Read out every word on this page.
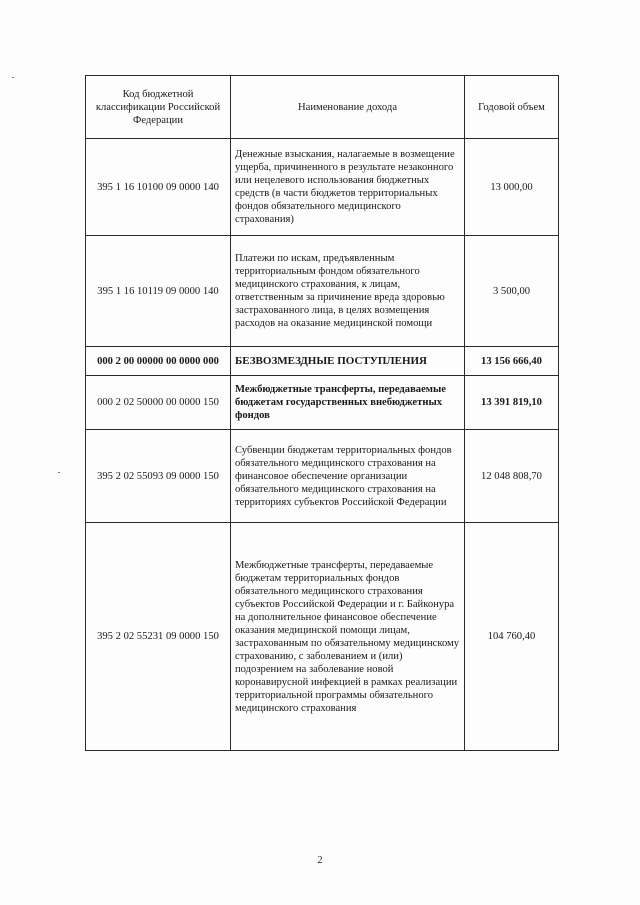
Код бюджетной классификации Российской Федерации	Наименование дохода	Годовой объем
395 1 16 10100 09 0000 140	Денежные взыскания, налагаемые в возмещение ущерба, причиненного в результате незаконного или нецелевого использования бюджетных средств (в части бюджетов территориальных фондов обязательного медицинского страхования)	13 000,00
395 1 16 10119 09 0000 140	Платежи по искам, предъявленным территориальным фондом обязательного медицинского страхования, к лицам, ответственным за причинение вреда здоровью застрахованного лица, в целях возмещения расходов на оказание медицинской помощи	3 500,00
000 2 00 00000 00 0000 000	БЕЗВОЗМЕЗДНЫЕ ПОСТУПЛЕНИЯ	13 156 666,40
000 2 02 50000 00 0000 150	Межбюджетные трансферты, передаваемые бюджетам государственных внебюджетных фондов	13 391 819,10
395 2 02 55093 09 0000 150	Субвенции бюджетам территориальных фондов обязательного медицинского страхования на финансовое обеспечение организации обязательного медицинского страхования на территориях субъектов Российской Федерации	12 048 808,70
395 2 02 55231 09 0000 150	Межбюджетные трансферты, передаваемые бюджетам территориальных фондов обязательного медицинского страхования субъектов Российской Федерации и г. Байконура на дополнительное финансовое обеспечение оказания медицинской помощи лицам, застрахованным по обязательному медицинскому страхованию, с заболеванием и (или) подозрением на заболевание новой коронавирусной инфекцией в рамках реализации территориальной программы обязательного медицинского страхования	104 760,40
2
